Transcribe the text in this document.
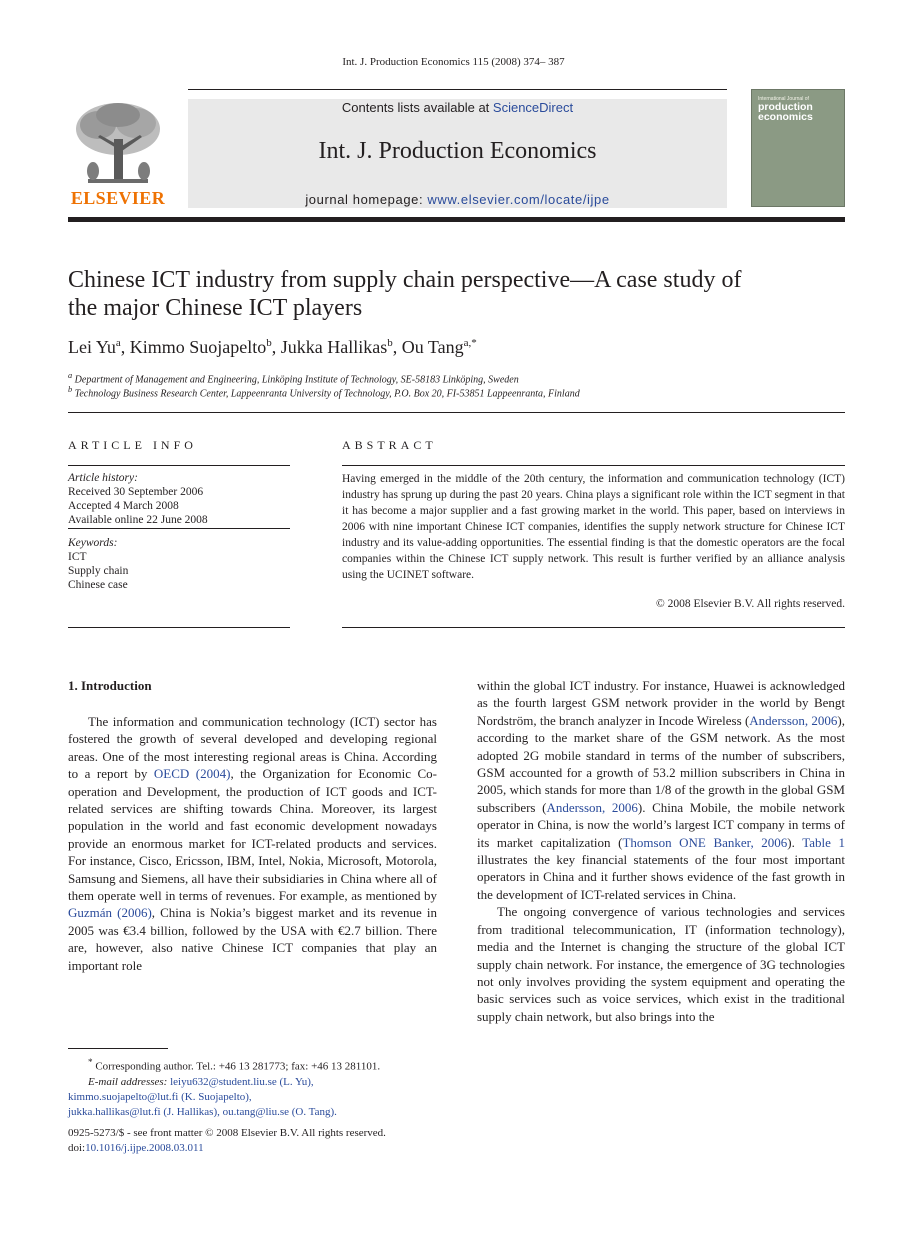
Int. J. Production Economics 115 (2008) 374– 387
ELSEVIER
Contents lists available at ScienceDirect
Int. J. Production Economics
journal homepage: www.elsevier.com/locate/ijpe
International Journal of
production
economics
Chinese ICT industry from supply chain perspective—A case study of
the major Chinese ICT players
Lei Yu$^a$, Kimmo Suojapelto$^b$, Jukka Hallikas$^b$, Ou Tang$^{a,*}$
$^a$ Department of Management and Engineering, Linköping Institute of Technology, SE-58183 Linköping, Sweden
$^b$ Technology Business Research Center, Lappeenranta University of Technology, P.O. Box 20, FI-53851 Lappeenranta, Finland
ARTICLE INFO
Article history:
Received 30 September 2006
Accepted 4 March 2008
Available online 22 June 2008
Keywords:
ICT
Supply chain
Chinese case
ABSTRACT
Having emerged in the middle of the 20th century, the information and communication technology (ICT) industry has sprung up during the past 20 years. China plays a significant role within the ICT segment in that it has become a major supplier and a fast growing market in the world. This paper, based on interviews in 2006 with nine important Chinese ICT companies, identifies the supply network structure for Chinese ICT industry and its value-adding opportunities. The essential finding is that the domestic operators are the focal companies within the Chinese ICT supply network. This result is further verified by an alliance analysis using the UCINET software.
© 2008 Elsevier B.V. All rights reserved.
1. Introduction

The information and communication technology (ICT) sector has fostered the growth of several developed and developing regional areas. One of the most interesting regional areas is China. According to a report by OECD (2004), the Organization for Economic Co-operation and Development, the production of ICT goods and ICT-related services are shifting towards China. Moreover, its largest population in the world and fast economic development nowadays provide an enormous market for ICT-related products and services. For instance, Cisco, Ericsson, IBM, Intel, Nokia, Microsoft, Motorola, Samsung and Siemens, all have their subsidiaries in China where all of them operate well in terms of revenues. For example, as mentioned by Guzmán (2006), China is Nokia’s biggest market and its revenue in 2005 was €3.4 billion, followed by the USA with €2.7 billion. There are, however, also native Chinese ICT companies that play an important role

within the global ICT industry. For instance, Huawei is acknowledged as the fourth largest GSM network provider in the world by Bengt Nordström, the branch analyzer in Incode Wireless (Andersson, 2006), according to the market share of the GSM network. As the most adopted 2G mobile standard in terms of the number of subscribers, GSM accounted for a growth of 53.2 million subscribers in China in 2005, which stands for more than 1/8 of the growth in the global GSM subscribers (Andersson, 2006). China Mobile, the mobile network operator in China, is now the world’s largest ICT company in terms of its market capitalization (Thomson ONE Banker, 2006). Table 1 illustrates the key financial statements of the four most important operators in China and it further shows evidence of the fast growth in the development of ICT-related services in China.

The ongoing convergence of various technologies and services from traditional telecommunication, IT (information technology), media and the Internet is changing the structure of the global ICT supply chain network. For instance, the emergence of 3G technologies not only involves providing the system equipment and operating the basic services such as voice services, which exist in the traditional supply chain network, but also brings into the

* Corresponding author. Tel.: +46 13 281773; fax: +46 13 281101.
E-mail addresses: leiyu632@student.liu.se (L. Yu),
kimmo.suojapelto@lut.fi (K. Suojapelto),
jukka.hallikas@lut.fi (J. Hallikas), ou.tang@liu.se (O. Tang).
0925-5273/$ - see front matter © 2008 Elsevier B.V. All rights reserved.
doi:10.1016/j.ijpe.2008.03.011
